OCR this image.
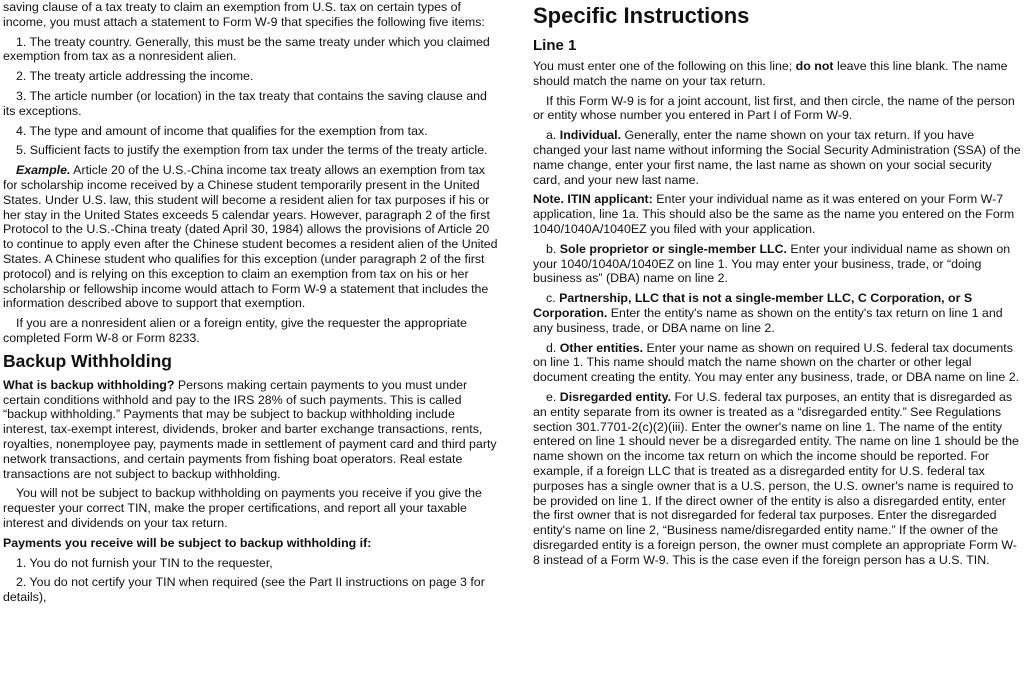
saving clause of a tax treaty to claim an exemption from U.S. tax on certain types of income, you must attach a statement to Form W-9 that specifies the following five items:

1. The treaty country. Generally, this must be the same treaty under which you claimed exemption from tax as a nonresident alien.

2. The treaty article addressing the income.

3. The article number (or location) in the tax treaty that contains the saving clause and its exceptions.

4. The type and amount of income that qualifies for the exemption from tax.

5. Sufficient facts to justify the exemption from tax under the terms of the treaty article.

Example. Article 20 of the U.S.-China income tax treaty allows an exemption from tax for scholarship income received by a Chinese student temporarily present in the United States. Under U.S. law, this student will become a resident alien for tax purposes if his or her stay in the United States exceeds 5 calendar years. However, paragraph 2 of the first Protocol to the U.S.-China treaty (dated April 30, 1984) allows the provisions of Article 20 to continue to apply even after the Chinese student becomes a resident alien of the United States. A Chinese student who qualifies for this exception (under paragraph 2 of the first protocol) and is relying on this exception to claim an exemption from tax on his or her scholarship or fellowship income would attach to Form W-9 a statement that includes the information described above to support that exemption.

If you are a nonresident alien or a foreign entity, give the requester the appropriate completed Form W-8 or Form 8233.

Backup Withholding

What is backup withholding? Persons making certain payments to you must under certain conditions withhold and pay to the IRS 28% of such payments. This is called “backup withholding.” Payments that may be subject to backup withholding include interest, tax-exempt interest, dividends, broker and barter exchange transactions, rents, royalties, nonemployee pay, payments made in settlement of payment card and third party network transactions, and certain payments from fishing boat operators. Real estate transactions are not subject to backup withholding.

You will not be subject to backup withholding on payments you receive if you give the requester your correct TIN, make the proper certifications, and report all your taxable interest and dividends on your tax return.

Payments you receive will be subject to backup withholding if:

1. You do not furnish your TIN to the requester,

2. You do not certify your TIN when required (see the Part II instructions on page 3 for details),

Specific Instructions
Line 1

You must enter one of the following on this line; do not leave this line blank. The name should match the name on your tax return.

If this Form W-9 is for a joint account, list first, and then circle, the name of the person or entity whose number you entered in Part I of Form W-9.

a. Individual. Generally, enter the name shown on your tax return. If you have changed your last name without informing the Social Security Administration (SSA) of the name change, enter your first name, the last name as shown on your social security card, and your new last name.

Note. ITIN applicant: Enter your individual name as it was entered on your Form W-7 application, line 1a. This should also be the same as the name you entered on the Form 1040/1040A/1040EZ you filed with your application.

b. Sole proprietor or single-member LLC. Enter your individual name as shown on your 1040/1040A/1040EZ on line 1. You may enter your business, trade, or “doing business as” (DBA) name on line 2.

c. Partnership, LLC that is not a single-member LLC, C Corporation, or S Corporation. Enter the entity's name as shown on the entity's tax return on line 1 and any business, trade, or DBA name on line 2.

d. Other entities. Enter your name as shown on required U.S. federal tax documents on line 1. This name should match the name shown on the charter or other legal document creating the entity. You may enter any business, trade, or DBA name on line 2.

e. Disregarded entity. For U.S. federal tax purposes, an entity that is disregarded as an entity separate from its owner is treated as a “disregarded entity.” See Regulations section 301.7701-2(c)(2)(iii). Enter the owner's name on line 1. The name of the entity entered on line 1 should never be a disregarded entity. The name on line 1 should be the name shown on the income tax return on which the income should be reported. For example, if a foreign LLC that is treated as a disregarded entity for U.S. federal tax purposes has a single owner that is a U.S. person, the U.S. owner's name is required to be provided on line 1. If the direct owner of the entity is also a disregarded entity, enter the first owner that is not disregarded for federal tax purposes. Enter the disregarded entity's name on line 2, “Business name/disregarded entity name.” If the owner of the disregarded entity is a foreign person, the owner must complete an appropriate Form W-8 instead of a Form W-9. This is the case even if the foreign person has a U.S. TIN.
